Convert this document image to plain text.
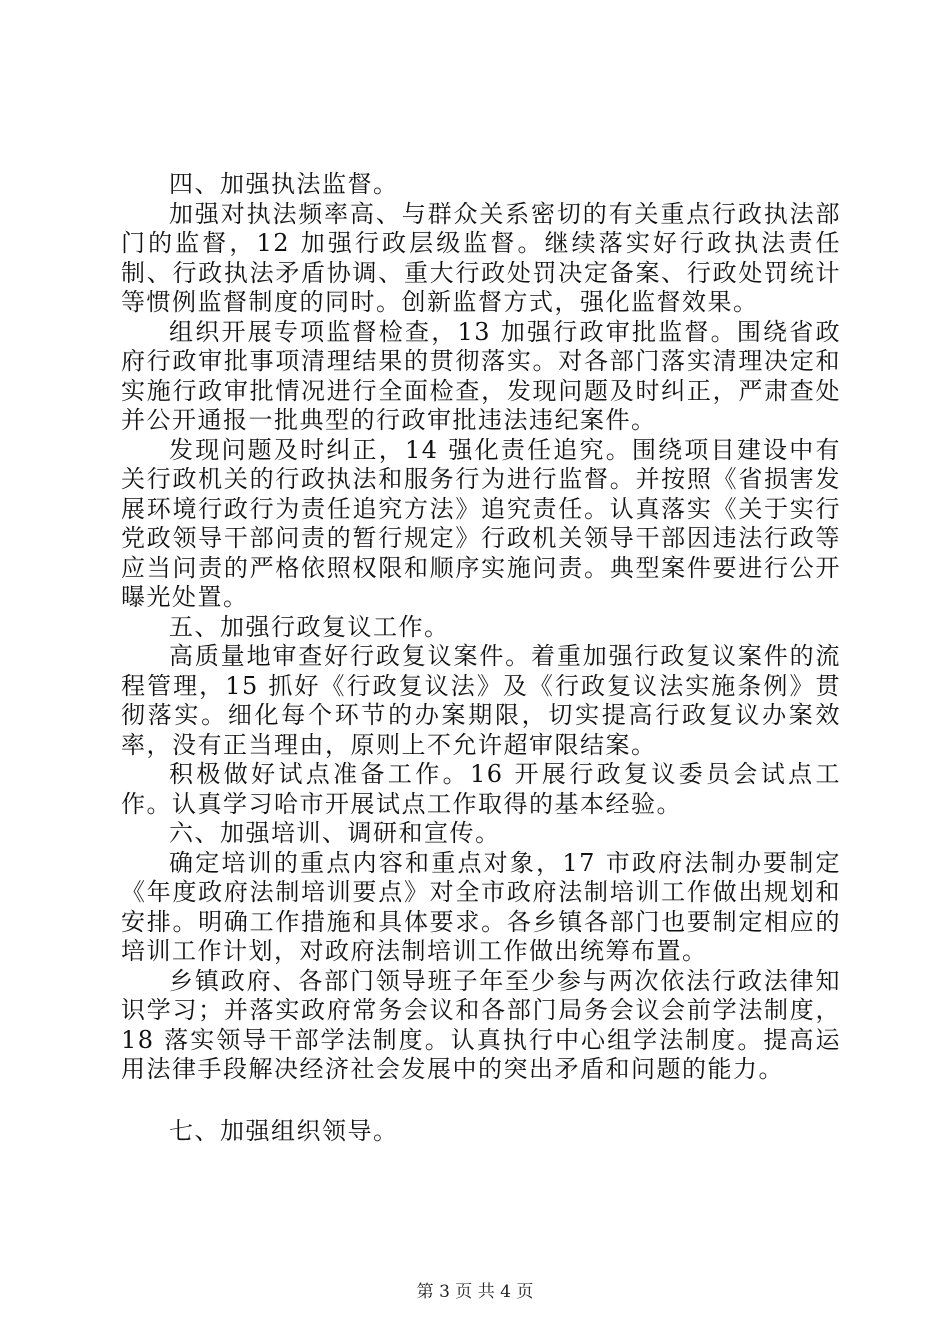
四、加强执法监督。

加强对执法频率高、与群众关系密切的有关重点行政执法部门的监督，12 加强行政层级监督。继续落实好行政执法责任制、行政执法矛盾协调、重大行政处罚决定备案、行政处罚统计等惯例监督制度的同时。创新监督方式，强化监督效果。

组织开展专项监督检查，13 加强行政审批监督。围绕省政府行政审批事项清理结果的贯彻落实。对各部门落实清理决定和实施行政审批情况进行全面检查，发现问题及时纠正，严肃查处并公开通报一批典型的行政审批违法违纪案件。

发现问题及时纠正，14 强化责任追究。围绕项目建设中有关行政机关的行政执法和服务行为进行监督。并按照《省损害发展环境行政行为责任追究方法》追究责任。认真落实《关于实行党政领导干部问责的暂行规定》行政机关领导干部因违法行政等应当问责的严格依照权限和顺序实施问责。典型案件要进行公开曝光处置。

五、加强行政复议工作。

高质量地审查好行政复议案件。着重加强行政复议案件的流程管理，15 抓好《行政复议法》及《行政复议法实施条例》贯彻落实。细化每个环节的办案期限，切实提高行政复议办案效率，没有正当理由，原则上不允许超审限结案。

积极做好试点准备工作。16 开展行政复议委员会试点工作。认真学习哈市开展试点工作取得的基本经验。

六、加强培训、调研和宣传。

确定培训的重点内容和重点对象，17 市政府法制办要制定《年度政府法制培训要点》对全市政府法制培训工作做出规划和安排。明确工作措施和具体要求。各乡镇各部门也要制定相应的培训工作计划，对政府法制培训工作做出统筹布置。

乡镇政府、各部门领导班子年至少参与两次依法行政法律知识学习；并落实政府常务会议和各部门局务会议会前学法制度，18 落实领导干部学法制度。认真执行中心组学法制度。提高运用法律手段解决经济社会发展中的突出矛盾和问题的能力。

七、加强组织领导。

第 3 页 共 4 页
